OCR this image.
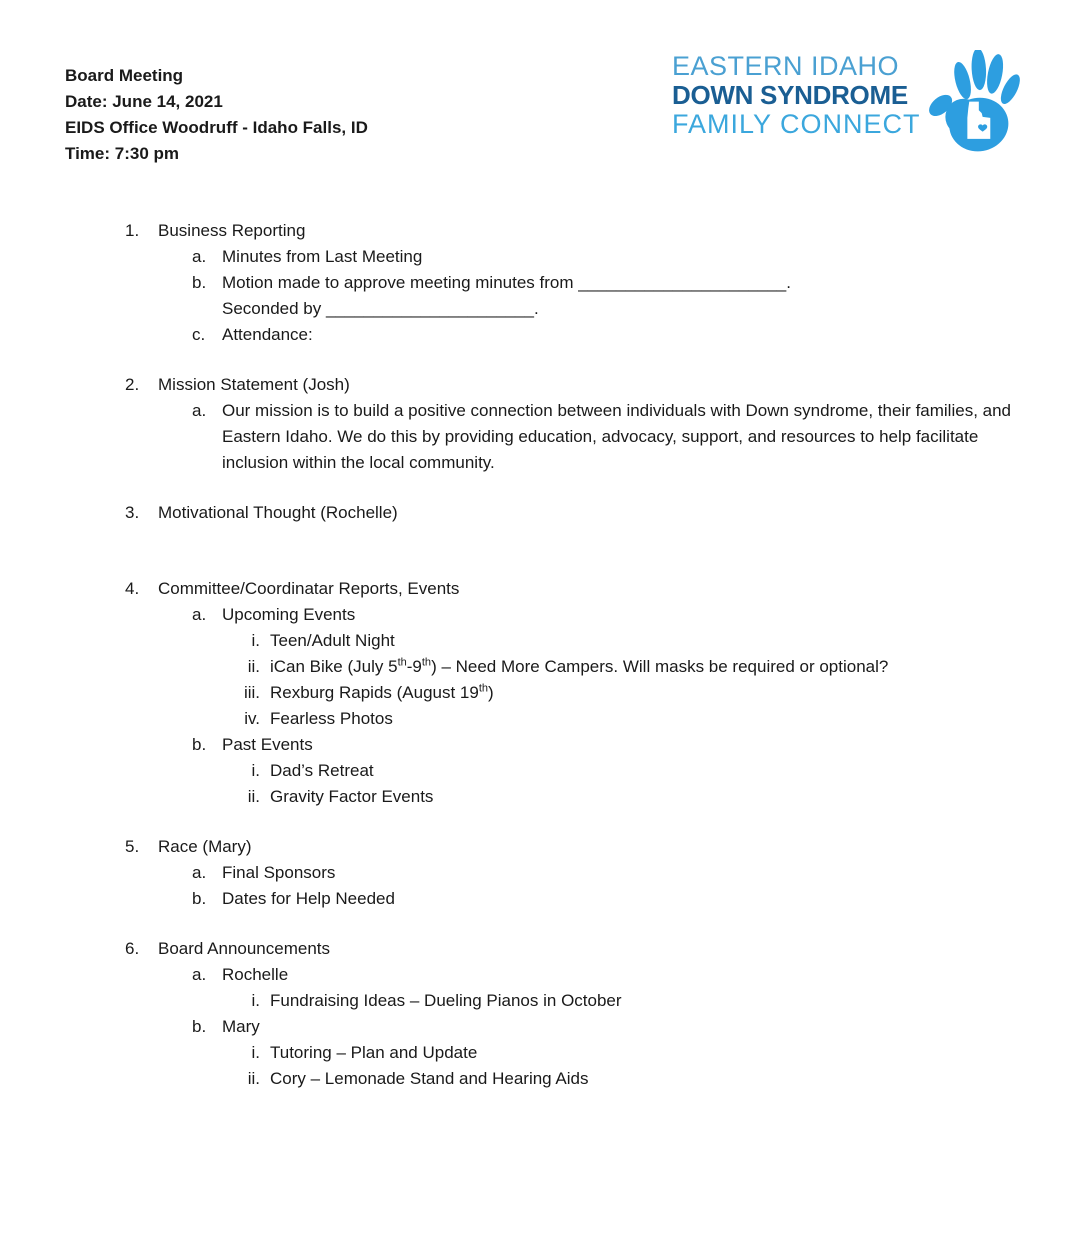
Board Meeting
Date: June 14, 2021
EIDS Office Woodruff - Idaho Falls, ID
Time: 7:30 pm
EASTERN IDAHO
DOWN SYNDROME
FAMILY CONNECT
1.	Business Reporting
a. Minutes from Last Meeting
b. Motion made to approve meeting minutes from ______________________.
Seconded by ______________________.
c. Attendance:
2.	Mission Statement (Josh)
a. Our mission is to build a positive connection between individuals with Down syndrome, their families, and Eastern Idaho. We do this by providing education, advocacy, support, and resources to help facilitate inclusion within the local community.
3.	Motivational Thought (Rochelle)
4.	Committee/Coordinatar Reports, Events
a. Upcoming Events
i. Teen/Adult Night
ii. iCan Bike (July 5th-9th) – Need More Campers. Will masks be required or optional?
iii. Rexburg Rapids (August 19th)
iv. Fearless Photos
b. Past Events
i. Dad’s Retreat
ii. Gravity Factor Events
5.	Race (Mary)
a. Final Sponsors
b. Dates for Help Needed
6.	Board Announcements
a. Rochelle
i. Fundraising Ideas – Dueling Pianos in October
b. Mary
i. Tutoring – Plan and Update
ii. Cory – Lemonade Stand and Hearing Aids
